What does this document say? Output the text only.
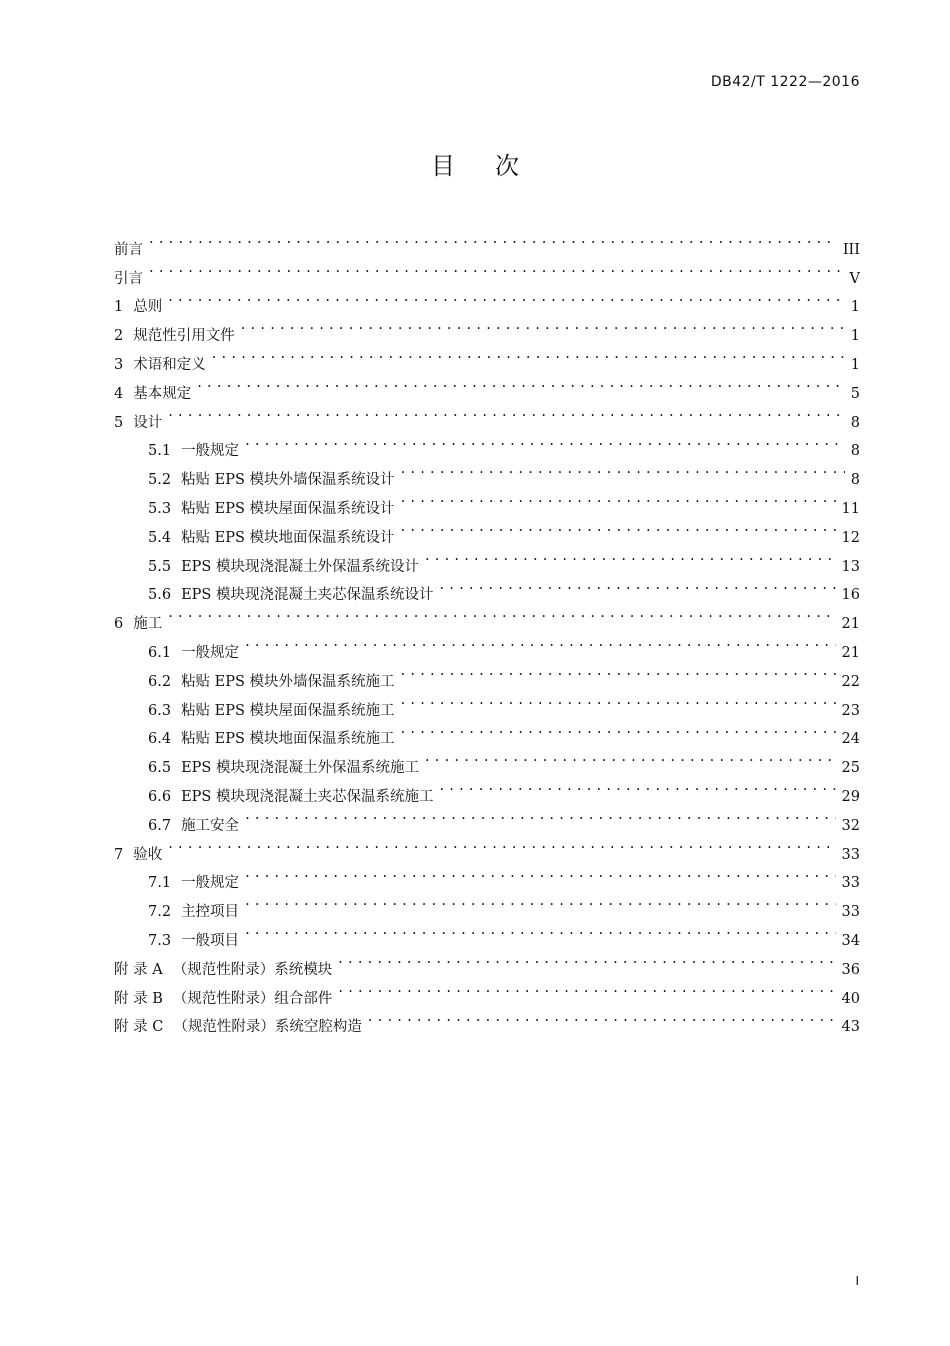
DB42/T 1222—2016
目次
前言 . . .	III
引言 . . .	V
1 总则 . . .	1
2 规范性引用文件 . . .	1
3 术语和定义 . . .	1
4 基本规定 . . .	5
5 设计 . . .	8
5.1 一般规定 . . .	8
5.2 粘贴 EPS 模块外墙保温系统设计 . . .	8
5.3 粘贴 EPS 模块屋面保温系统设计 . . .	11
5.4 粘贴 EPS 模块地面保温系统设计 . . .	12
5.5 EPS 模块现浇混凝土外保温系统设计 . . .	13
5.6 EPS 模块现浇混凝土夹芯保温系统设计 . . .	16
6 施工 . . .	21
6.1 一般规定 . . .	21
6.2 粘贴 EPS 模块外墙保温系统施工 . . .	22
6.3 粘贴 EPS 模块屋面保温系统施工 . . .	23
6.4 粘贴 EPS 模块地面保温系统施工 . . .	24
6.5 EPS 模块现浇混凝土外保温系统施工 . . .	25
6.6 EPS 模块现浇混凝土夹芯保温系统施工 . . .	29
6.7 施工安全 . . .	32
7 验收 . . .	33
7.1 一般规定 . . .	33
7.2 主控项目 . . .	33
7.3 一般项目 . . .	34
附 录 A （规范性附录）系统模块 . . .	36
附 录 B （规范性附录）组合部件 . . .	40
附 录 C （规范性附录）系统空腔构造 . . .	43
I
